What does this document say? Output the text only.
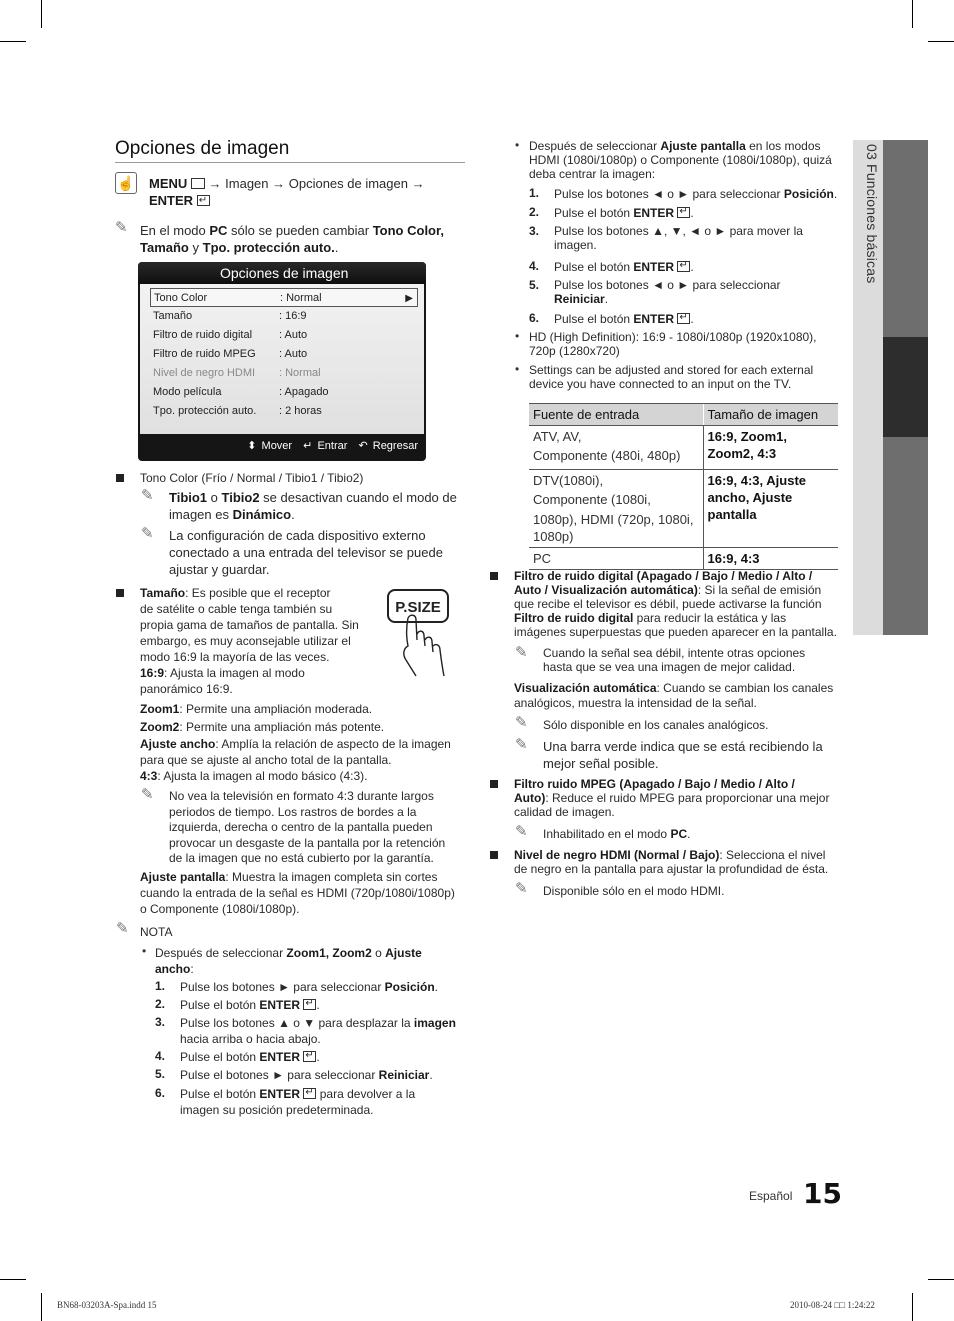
03 Funciones básicas
Opciones de imagen
☝ MENU → Imagen → Opciones de imagen →
ENTER ↵
✎ En el modo PC sólo se pueden cambiar Tono Color,
Tamaño y Tpo. protección auto..
Opciones de imagen
Tono Color	: Normal	▶
Tamaño	: 16:9
Filtro de ruido digital : Auto
Filtro de ruido MPEG : Auto
Nivel de negro HDMI : Normal
Modo película	: Apagado
Tpo. protección auto. : 2 horas
⬍ Mover ↵ Entrar ↶ Regresar
Tono Color (Frío / Normal / Tibio1 / Tibio2)
✎ Tibio1 o Tibio2 se desactivan cuando el modo de
imagen es Dinámico.
✎ La configuración de cada dispositivo externo
conectado a una entrada del televisor se puede
ajustar y guardar.
Tamaño: Es posible que el receptor
de satélite o cable tenga también su
propia gama de tamaños de pantalla. Sin
embargo, es muy aconsejable utilizar el
modo 16:9 la mayoría de las veces.
16:9: Ajusta la imagen al modo
panorámico 16:9.
P.SIZE
Zoom1: Permite una ampliación moderada.
Zoom2: Permite una ampliación más potente.
Ajuste ancho: Amplía la relación de aspecto de la imagen
para que se ajuste al ancho total de la pantalla.
4:3: Ajusta la imagen al modo básico (4:3).
✎ No vea la televisión en formato 4:3 durante largos
periodos de tiempo. Los rastros de bordes a la
izquierda, derecha o centro de la pantalla pueden
provocar un desgaste de la pantalla por la retención
de la imagen que no está cubierto por la garantía.
Ajuste pantalla: Muestra la imagen completa sin cortes
cuando la entrada de la señal es HDMI (720p/1080i/1080p)
o Componente (1080i/1080p).
✎ NOTA
• Después de seleccionar Zoom1, Zoom2 o Ajuste
ancho:
1. Pulse los botones ► para seleccionar Posición.
2. Pulse el botón ENTER ↵ .
3. Pulse los botones ▲ o ▼ para desplazar la imagen
hacia arriba o hacia abajo.
4. Pulse el botón ENTER ↵ .
5. Pulse el botones ► para seleccionar Reiniciar.
6. Pulse el botón ENTER ↵ para devolver a la
imagen su posición predeterminada.
• Después de seleccionar Ajuste pantalla en los modos
HDMI (1080i/1080p) o Componente (1080i/1080p), quizá
deba centrar la imagen:
1. Pulse los botones ◄ o ► para seleccionar Posición.
2. Pulse el botón ENTER ↵ .
3. Pulse los botones ▲, ▼, ◄ o ► para mover la
imagen.
4. Pulse el botón ENTER ↵ .
5. Pulse los botones ◄ o ► para seleccionar
Reiniciar.
6. Pulse el botón ENTER ↵ .
• HD (High Definition): 16:9 - 1080i/1080p (1920x1080),
720p (1280x720)
• Settings can be adjusted and stored for each external
device you have connected to an input on the TV.
Fuente de entrada	Tamaño de imagen
ATV, AV,
Componente (480i, 480p)	16:9, Zoom1,
Zoom2, 4:3
DTV(1080i),
Componente (1080i,
1080p), HDMI (720p, 1080i,
1080p)	16:9, 4:3, Ajuste
ancho, Ajuste
pantalla
PC	16:9, 4:3
Filtro de ruido digital (Apagado / Bajo / Medio / Alto /
Auto / Visualización automática): Si la señal de emisión
que recibe el televisor es débil, puede activarse la función
Filtro de ruido digital para reducir la estática y las
imágenes superpuestas que pueden aparecer en la pantalla.
✎ Cuando la señal sea débil, intente otras opciones
hasta que se vea una imagen de mejor calidad.
Visualización automática: Cuando se cambian los canales
analógicos, muestra la intensidad de la señal.
✎ Sólo disponible en los canales analógicos.
✎ Una barra verde indica que se está recibiendo la
mejor señal posible.
Filtro ruido MPEG (Apagado / Bajo / Medio / Alto /
Auto): Reduce el ruido MPEG para proporcionar una mejor
calidad de imagen.
✎ Inhabilitado en el modo PC.
Nivel de negro HDMI (Normal / Bajo): Selecciona el nivel
de negro en la pantalla para ajustar la profundidad de ésta.
✎ Disponible sólo en el modo HDMI.
Español 15
BN68-03203A-Spa.indd 15	2010-08-24 □□ 1:24:22
